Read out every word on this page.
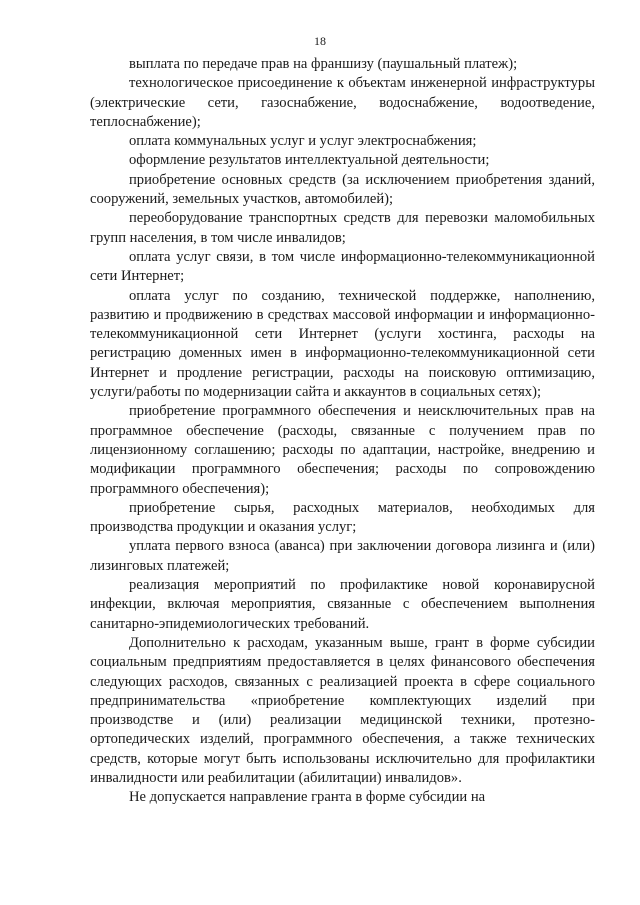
18

выплата по передаче прав на франшизу (паушальный платеж);

технологическое присоединение к объектам инженерной инфраструктуры (электрические сети, газоснабжение, водоснабжение, водоотведение, теплоснабжение);

оплата коммунальных услуг и услуг электроснабжения;

оформление результатов интеллектуальной деятельности;

приобретение основных средств (за исключением приобретения зданий, сооружений, земельных участков, автомобилей);

переоборудование транспортных средств для перевозки маломобильных групп населения, в том числе инвалидов;

оплата услуг связи, в том числе информационно-телекоммуникационной сети Интернет;

оплата услуг по созданию, технической поддержке, наполнению, развитию и продвижению в средствах массовой информации и информационно-телекоммуникационной сети Интернет (услуги хостинга, расходы на регистрацию доменных имен в информационно-телекоммуникационной сети Интернет и продление регистрации, расходы на поисковую оптимизацию, услуги/работы по модернизации сайта и аккаунтов в социальных сетях);

приобретение программного обеспечения и неисключительных прав на программное обеспечение (расходы, связанные с получением прав по лицензионному соглашению; расходы по адаптации, настройке, внедрению и модификации программного обеспечения; расходы по сопровождению программного обеспечения);

приобретение сырья, расходных материалов, необходимых для производства продукции и оказания услуг;

уплата первого взноса (аванса) при заключении договора лизинга и (или) лизинговых платежей;

реализация мероприятий по профилактике новой коронавирусной инфекции, включая мероприятия, связанные с обеспечением выполнения санитарно-эпидемиологических требований.

Дополнительно к расходам, указанным выше, грант в форме субсидии социальным предприятиям предоставляется в целях финансового обеспечения следующих расходов, связанных с реализацией проекта в сфере социального предпринимательства «приобретение комплектующих изделий при производстве и (или) реализации медицинской техники, протезно-ортопедических изделий, программного обеспечения, а также технических средств, которые могут быть использованы исключительно для профилактики инвалидности или реабилитации (абилитации) инвалидов».

Не допускается направление гранта в форме субсидии на
